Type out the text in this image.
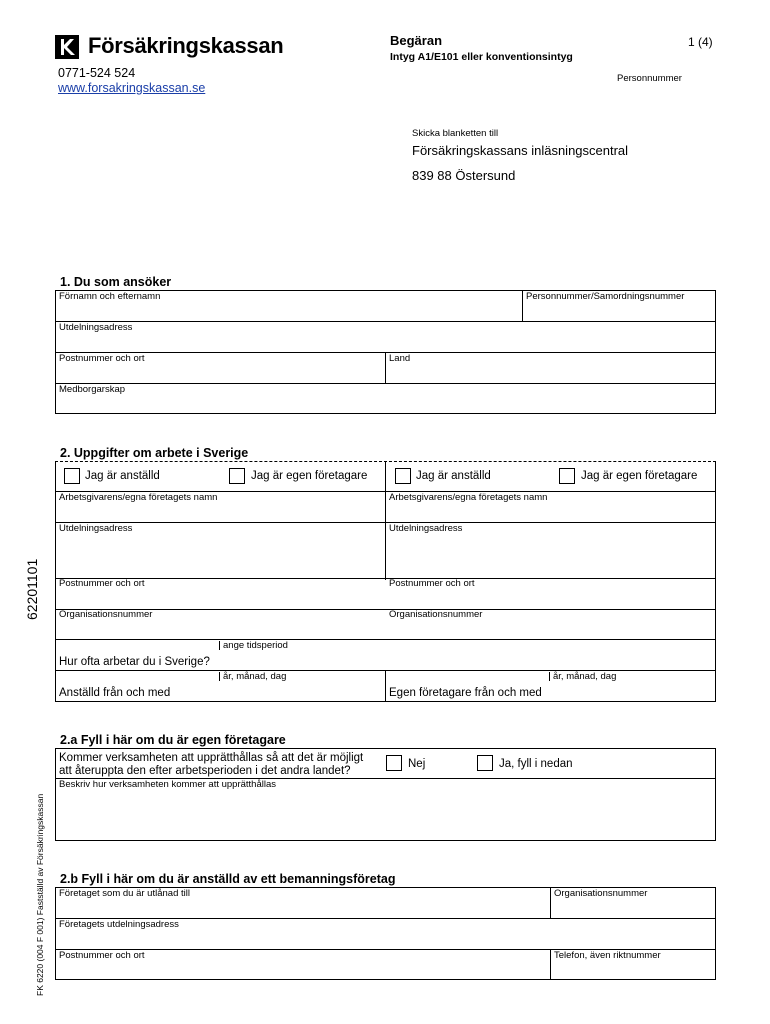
Försäkringskassan
0771-524 524
www.forsakringskassan.se
Begäran
Intyg A1/E101 eller konventionsintyg
1 (4)
Personnummer
Skicka blanketten till
Försäkringskassans inläsningscentral
839 88 Östersund
1. Du som ansöker
Förnamn och efternamn	Personnummer/Samordningsnummer
Utdelningsadress
Postnummer och ort	Land
Medborgarskap
2. Uppgifter om arbete i Sverige
Jag är anställd	Jag är egen företagare	Jag är anställd	Jag är egen företagare
Arbetsgivarens/egna företagets namn	Arbetsgivarens/egna företagets namn
Utdelningsadress	Utdelningsadress
Postnummer och ort	Postnummer och ort
Organisationsnummer	Organisationsnummer
ange tidsperiod
Hur ofta arbetar du i Sverige?
år, månad, dag	år, månad, dag
Anställd från och med	Egen företagare från och med
2.a Fyll i här om du är egen företagare
Kommer verksamheten att upprätthållas så att det är möjligt
att återuppta den efter arbetsperioden i det andra landet?
Nej	Ja, fyll i nedan
Beskriv hur verksamheten kommer att upprätthållas
2.b Fyll i här om du är anställd av ett bemanningsföretag
Företaget som du är utlånad till	Organisationsnummer
Företagets utdelningsadress
Postnummer och ort	Telefon, även riktnummer
62201101
FK 6220 (004 F 001) Fastställd av Försäkringskassan
